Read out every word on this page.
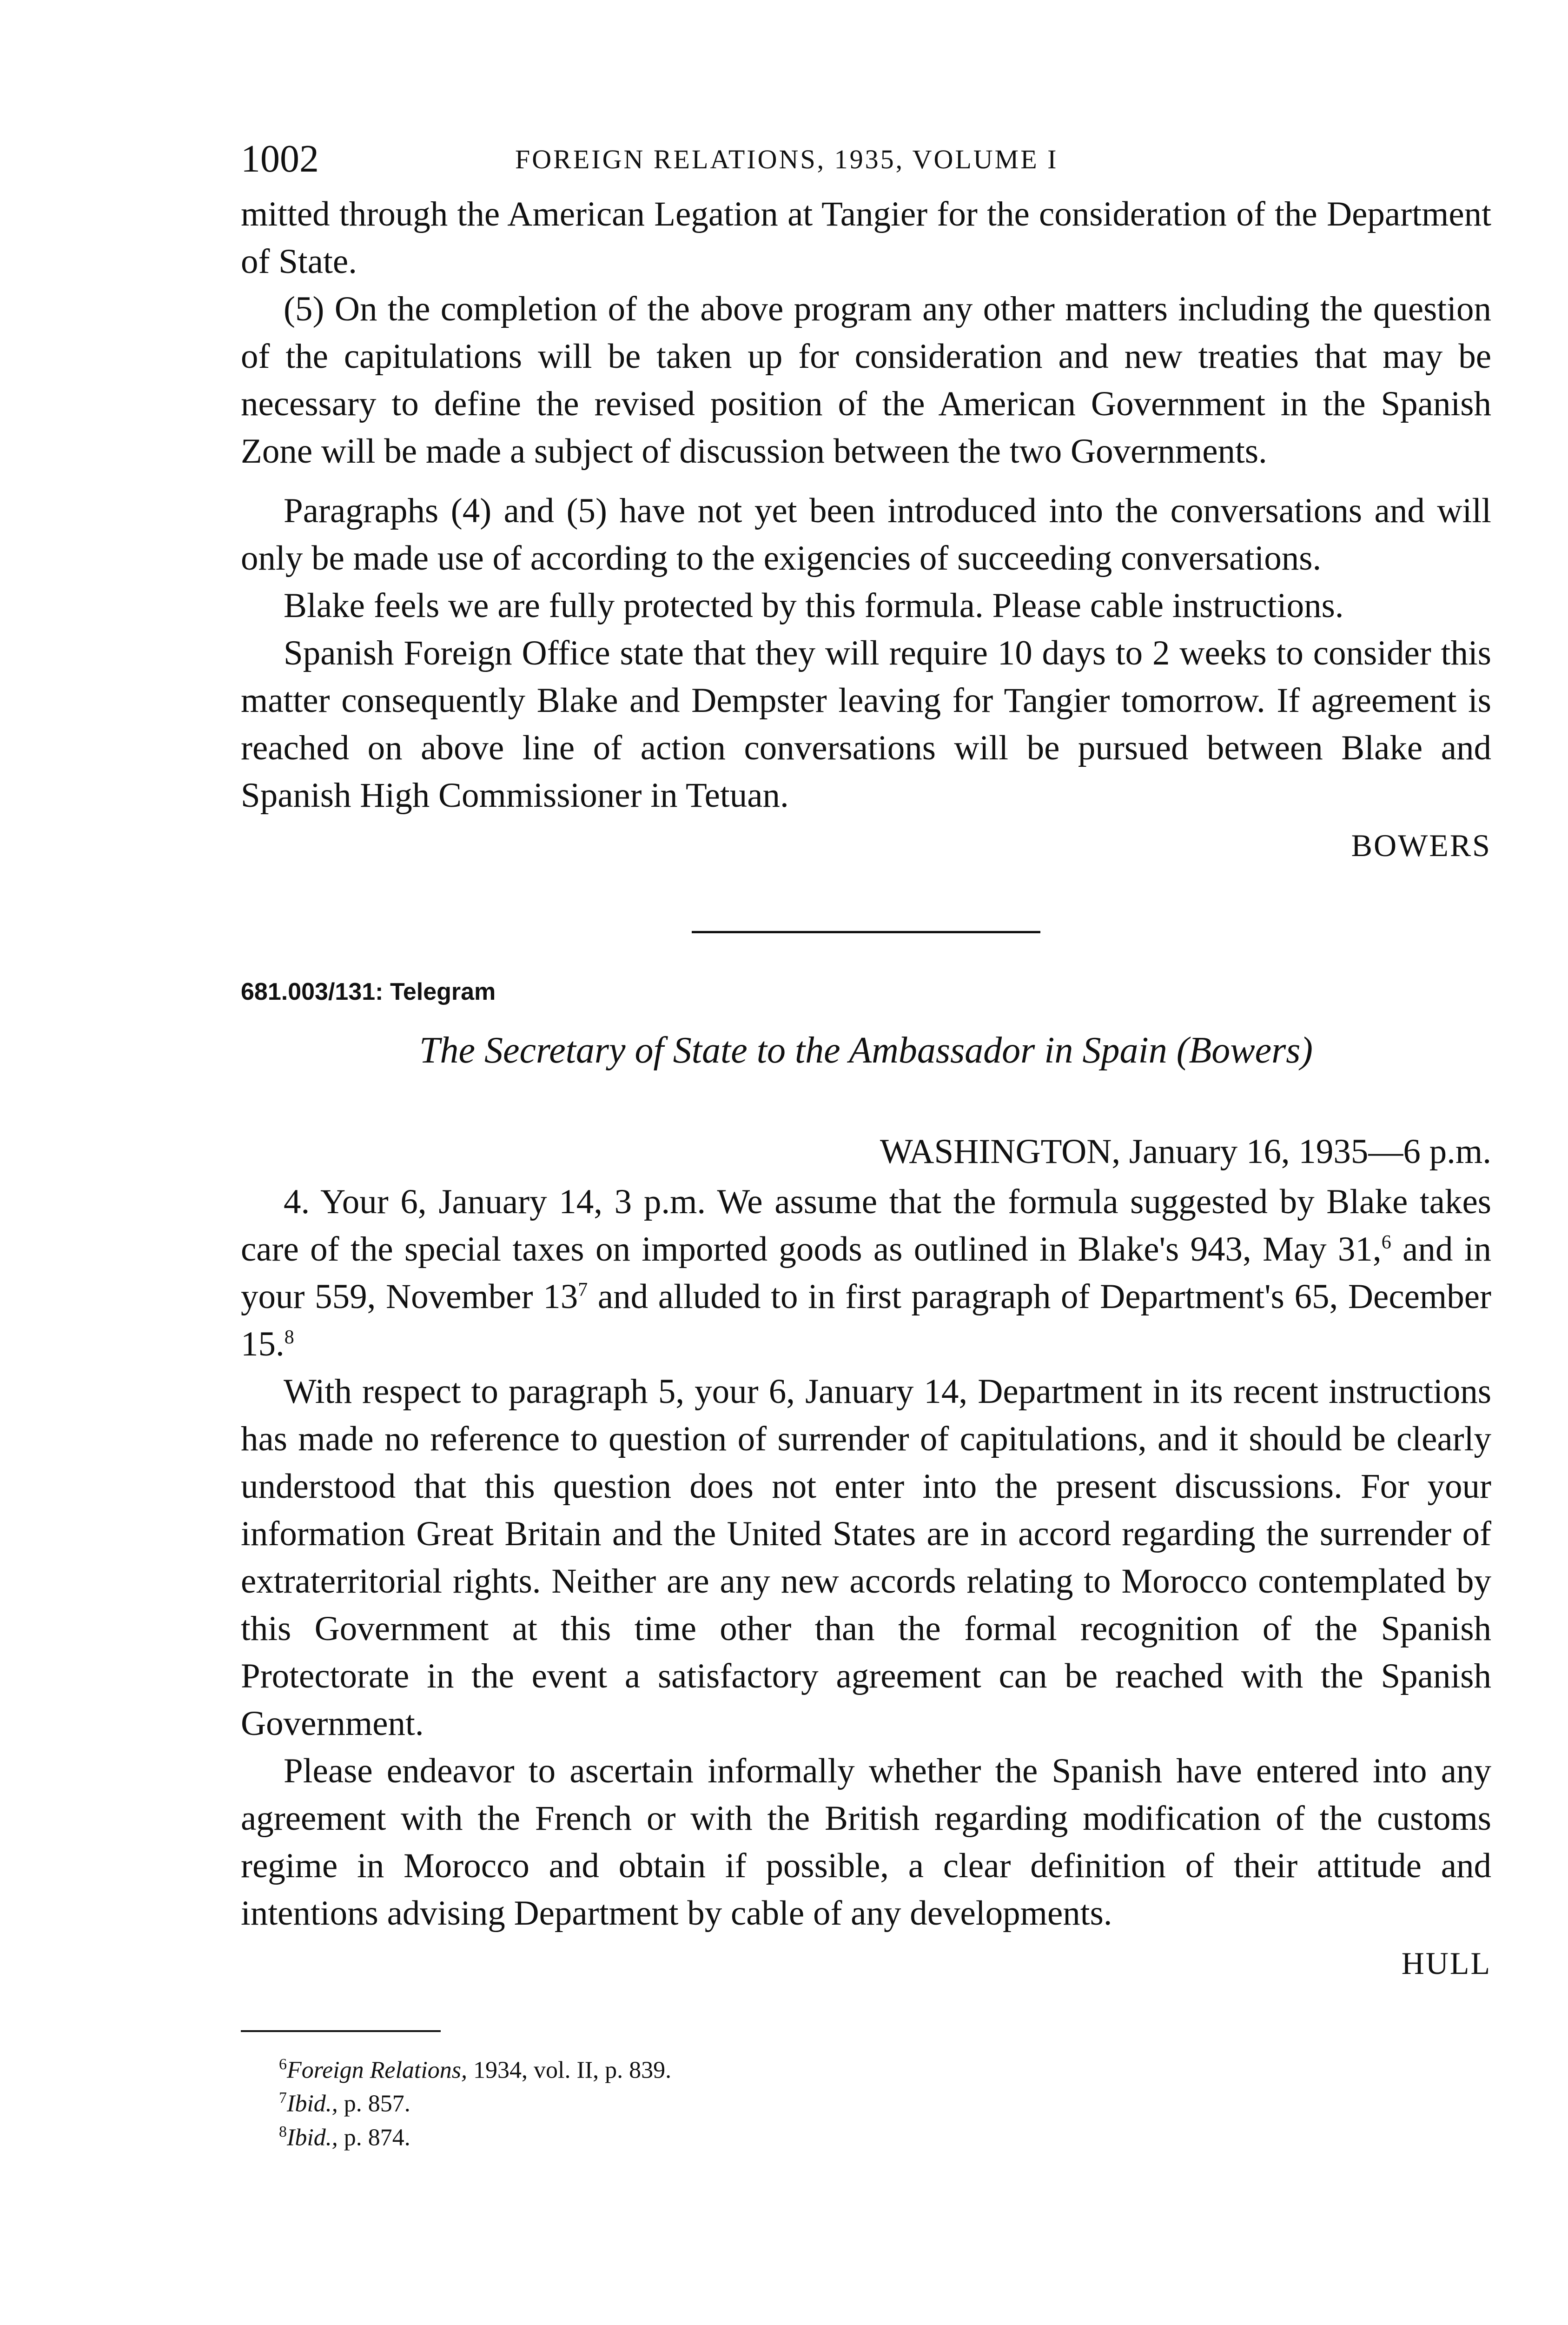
1002	FOREIGN RELATIONS, 1935, VOLUME I

mitted through the American Legation at Tangier for the consideration of the Department of State.

(5) On the completion of the above program any other matters including the question of the capitulations will be taken up for consideration and new treaties that may be necessary to define the revised position of the American Government in the Spanish Zone will be made a subject of discussion between the two Governments.

Paragraphs (4) and (5) have not yet been introduced into the conversations and will only be made use of according to the exigencies of succeeding conversations.

Blake feels we are fully protected by this formula. Please cable instructions.

Spanish Foreign Office state that they will require 10 days to 2 weeks to consider this matter consequently Blake and Dempster leaving for Tangier tomorrow. If agreement is reached on above line of action conversations will be pursued between Blake and Spanish High Commissioner in Tetuan.

BOWERS
681.003/131: Telegram
The Secretary of State to the Ambassador in Spain (Bowers)
WASHINGTON, January 16, 1935—6 p.m.

4. Your 6, January 14, 3 p.m. We assume that the formula suggested by Blake takes care of the special taxes on imported goods as outlined in Blake's 943, May 31,$^6$ and in your 559, November 13$^7$ and alluded to in first paragraph of Department's 65, December 15.$^8$

With respect to paragraph 5, your 6, January 14, Department in its recent instructions has made no reference to question of surrender of capitulations, and it should be clearly understood that this question does not enter into the present discussions. For your information Great Britain and the United States are in accord regarding the surrender of extraterritorial rights. Neither are any new accords relating to Morocco contemplated by this Government at this time other than the formal recognition of the Spanish Protectorate in the event a satisfactory agreement can be reached with the Spanish Government.

Please endeavor to ascertain informally whether the Spanish have entered into any agreement with the French or with the British regarding modification of the customs regime in Morocco and obtain if possible, a clear definition of their attitude and intentions advising Department by cable of any developments.

HULL
$^6$Foreign Relations, 1934, vol. II, p. 839.
$^7$Ibid., p. 857.
$^8$Ibid., p. 874.
